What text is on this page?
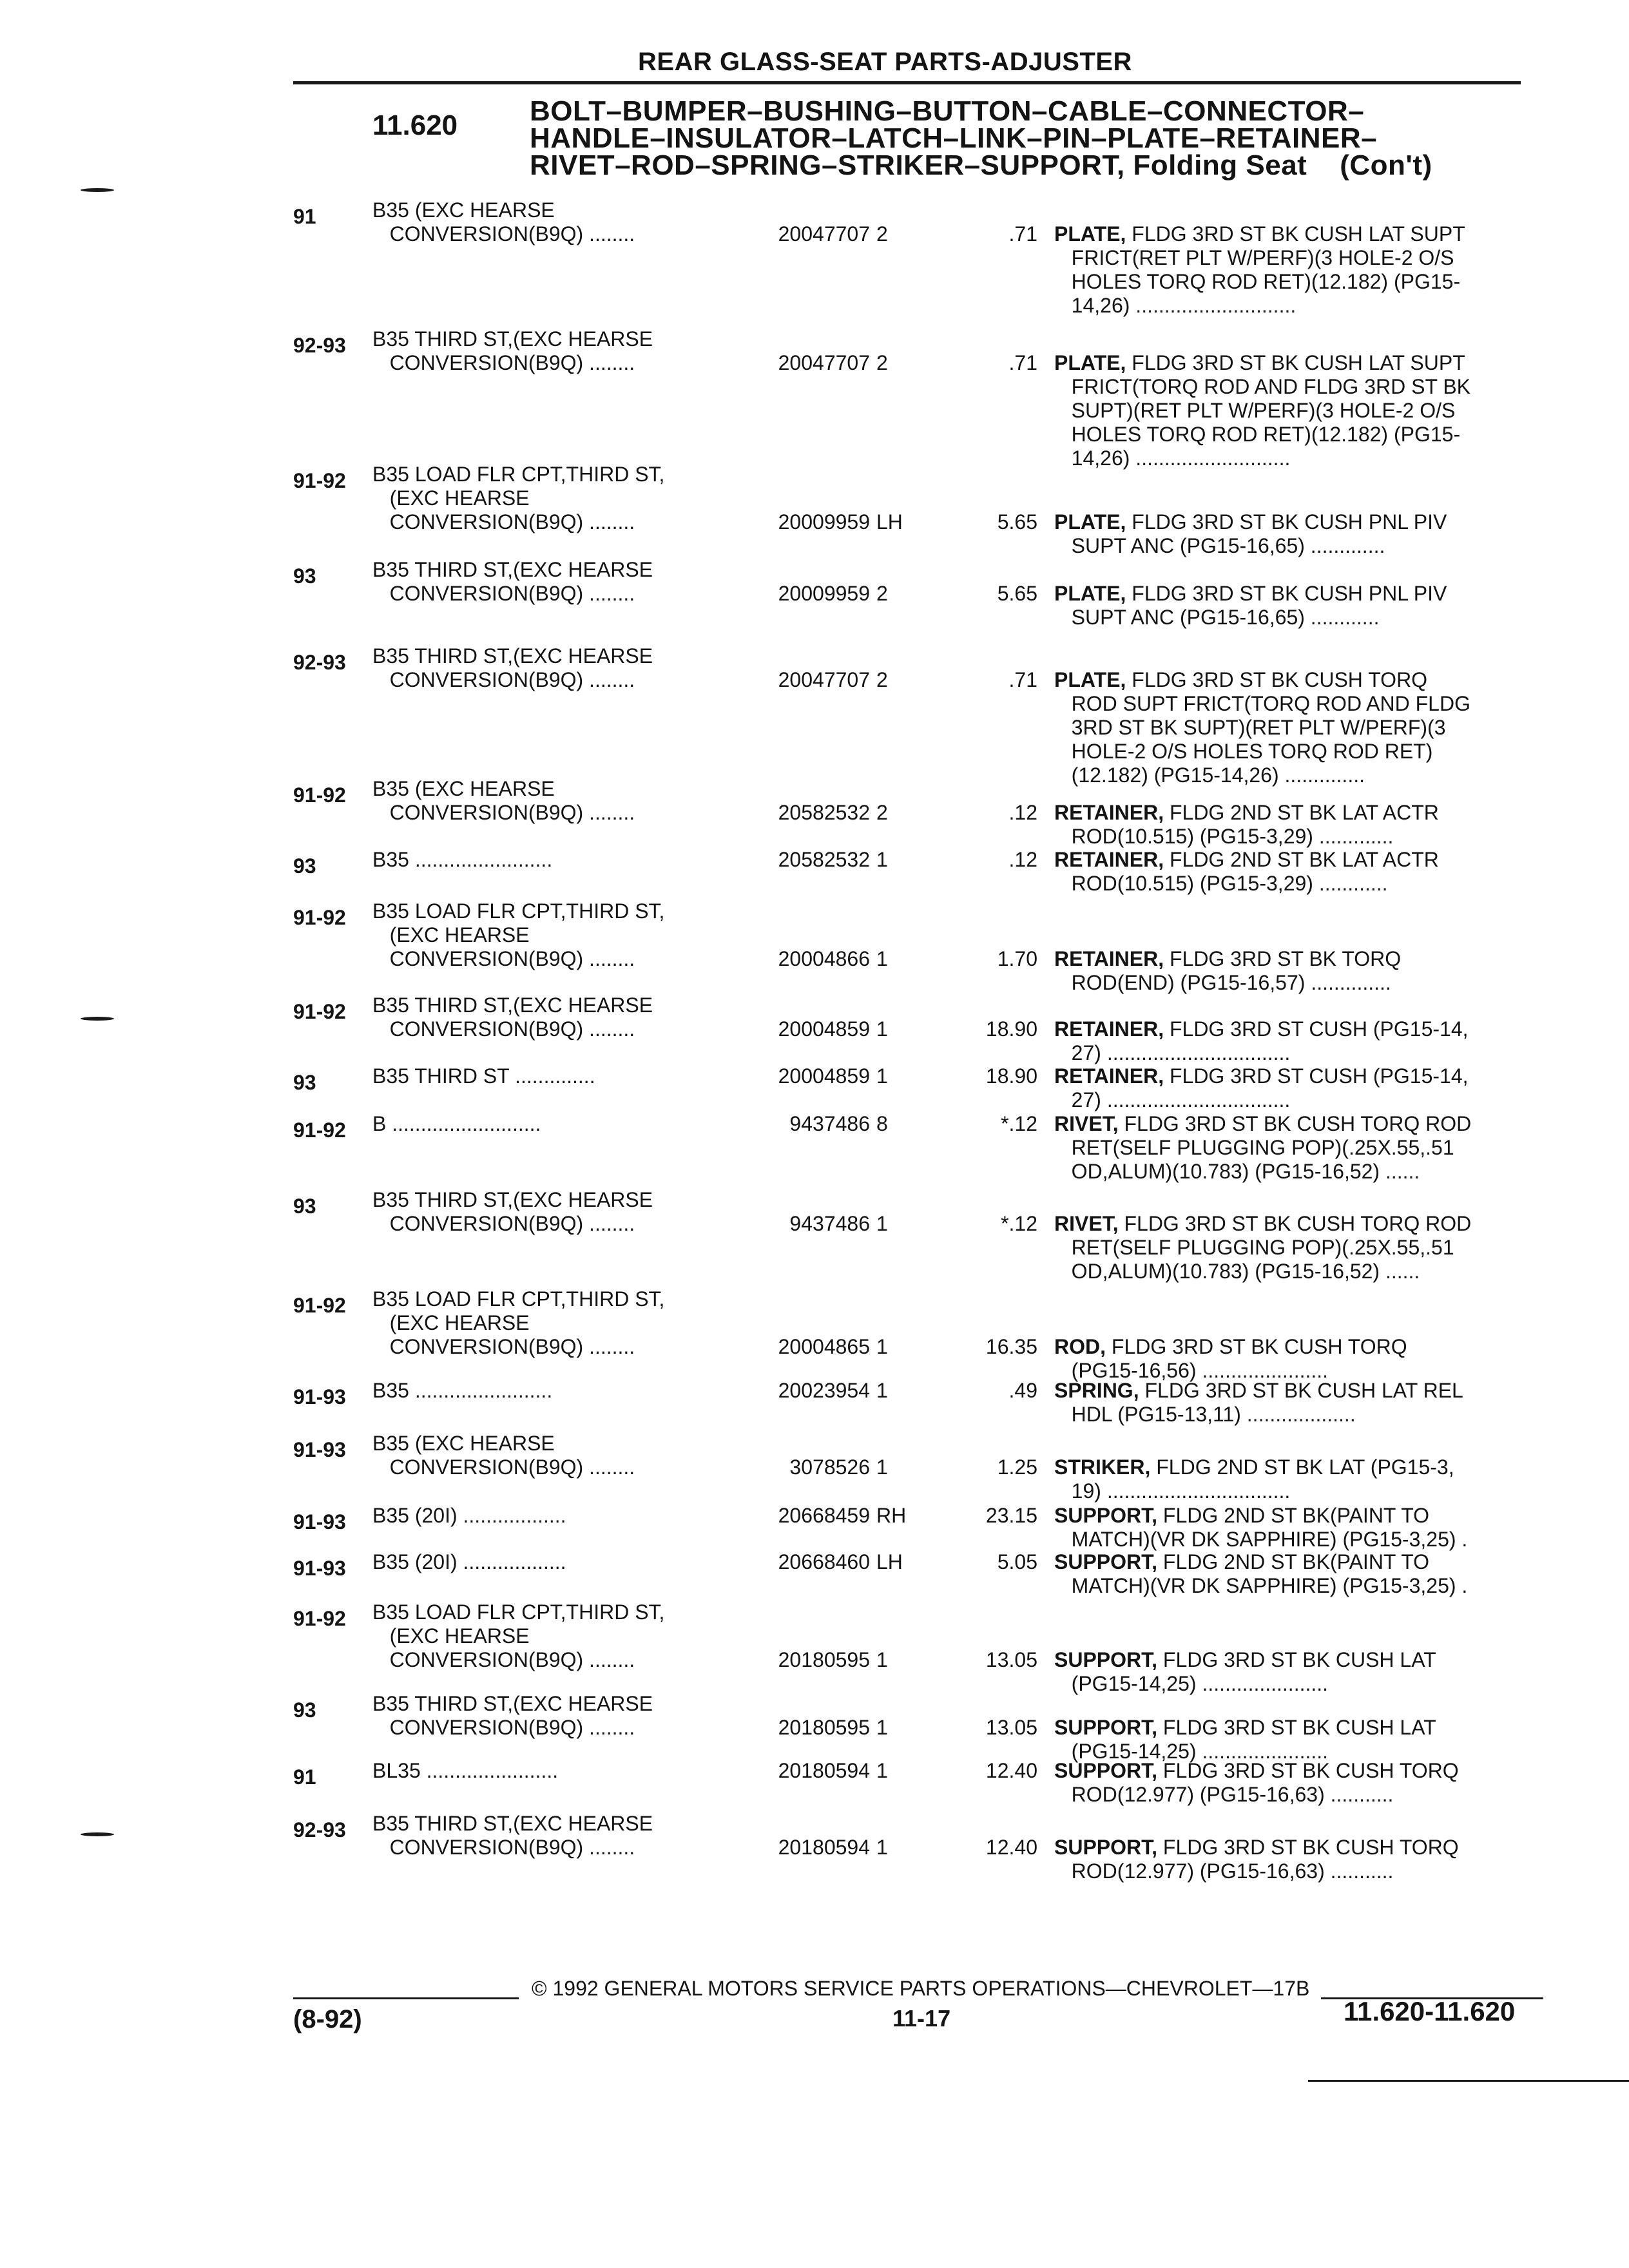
REAR GLASS-SEAT PARTS-ADJUSTER
11.620	BOLT–BUMPER–BUSHING–BUTTON–CABLE–CONNECTOR–
HANDLE–INSULATOR–LATCH–LINK–PIN–PLATE–RETAINER–
RIVET–ROD–SPRING–STRIKER–SUPPORT, Folding Seat    (Con't)
91	B35 (EXC HEARSE
CONVERSION(B9Q) ........	20047707 2	.71 PLATE, FLDG 3RD ST BK CUSH LAT SUPT
FRICT(RET PLT W/PERF)(3 HOLE-2 O/S
HOLES TORQ ROD RET)(12.182) (PG15-
14,26) ............................
92-93 B35 THIRD ST,(EXC HEARSE
CONVERSION(B9Q) ........	20047707 2	.71 PLATE, FLDG 3RD ST BK CUSH LAT SUPT
FRICT(TORQ ROD AND FLDG 3RD ST BK
SUPT)(RET PLT W/PERF)(3 HOLE-2 O/S
HOLES TORQ ROD RET)(12.182) (PG15-
14,26) ...........................
91-92 B35 LOAD FLR CPT,THIRD ST,
(EXC HEARSE
CONVERSION(B9Q) ........	20009959 LH	5.65 PLATE, FLDG 3RD ST BK CUSH PNL PIV
SUPT ANC (PG15-16,65) .............
93	B35 THIRD ST,(EXC HEARSE
CONVERSION(B9Q) ........	20009959 2	5.65 PLATE, FLDG 3RD ST BK CUSH PNL PIV
SUPT ANC (PG15-16,65) ............
92-93 B35 THIRD ST,(EXC HEARSE
CONVERSION(B9Q) ........	20047707 2	.71 PLATE, FLDG 3RD ST BK CUSH TORQ
ROD SUPT FRICT(TORQ ROD AND FLDG
3RD ST BK SUPT)(RET PLT W/PERF)(3
HOLE-2 O/S HOLES TORQ ROD RET)
(12.182) (PG15-14,26) ..............
91-92 B35 (EXC HEARSE
CONVERSION(B9Q) ........	20582532 2	.12 RETAINER, FLDG 2ND ST BK LAT ACTR
ROD(10.515) (PG15-3,29) .............
93	B35 ........................	20582532 1	.12 RETAINER, FLDG 2ND ST BK LAT ACTR
ROD(10.515) (PG15-3,29) ............
91-92 B35 LOAD FLR CPT,THIRD ST,
(EXC HEARSE
CONVERSION(B9Q) ........	20004866 1	1.70 RETAINER, FLDG 3RD ST BK TORQ
ROD(END) (PG15-16,57) ..............
91-92 B35 THIRD ST,(EXC HEARSE
CONVERSION(B9Q) ........	20004859 1	18.90 RETAINER, FLDG 3RD ST CUSH (PG15-14,
27) ................................
93	B35 THIRD ST ..............	20004859 1	18.90 RETAINER, FLDG 3RD ST CUSH (PG15-14,
27) ................................
91-92 B ..........................	9437486 8	*.12 RIVET, FLDG 3RD ST BK CUSH TORQ ROD
RET(SELF PLUGGING POP)(.25X.55,.51
OD,ALUM)(10.783) (PG15-16,52) ......
93	B35 THIRD ST,(EXC HEARSE
CONVERSION(B9Q) ........	9437486 1	*.12 RIVET, FLDG 3RD ST BK CUSH TORQ ROD
RET(SELF PLUGGING POP)(.25X.55,.51
OD,ALUM)(10.783) (PG15-16,52) ......
91-92 B35 LOAD FLR CPT,THIRD ST,
(EXC HEARSE
CONVERSION(B9Q) ........	20004865 1	16.35 ROD, FLDG 3RD ST BK CUSH TORQ
(PG15-16,56) ......................
91-93 B35 ........................	20023954 1	.49 SPRING, FLDG 3RD ST BK CUSH LAT REL
HDL (PG15-13,11) ...................
91-93 B35 (EXC HEARSE
CONVERSION(B9Q) ........	3078526 1	1.25 STRIKER, FLDG 2ND ST BK LAT (PG15-3,
19) ................................
91-93 B35 (20I) ..................	20668459 RH	23.15 SUPPORT, FLDG 2ND ST BK(PAINT TO
MATCH)(VR DK SAPPHIRE) (PG15-3,25) .
91-93 B35 (20I) ..................	20668460 LH	5.05 SUPPORT, FLDG 2ND ST BK(PAINT TO
MATCH)(VR DK SAPPHIRE) (PG15-3,25) .
91-92 B35 LOAD FLR CPT,THIRD ST,
(EXC HEARSE
CONVERSION(B9Q) ........	20180595 1	13.05 SUPPORT, FLDG 3RD ST BK CUSH LAT
(PG15-14,25) ......................
93	B35 THIRD ST,(EXC HEARSE
CONVERSION(B9Q) ........	20180595 1	13.05 SUPPORT, FLDG 3RD ST BK CUSH LAT
(PG15-14,25) ......................
91	BL35 .......................	20180594 1	12.40 SUPPORT, FLDG 3RD ST BK CUSH TORQ
ROD(12.977) (PG15-16,63) ...........
92-93 B35 THIRD ST,(EXC HEARSE
CONVERSION(B9Q) ........	20180594 1	12.40 SUPPORT, FLDG 3RD ST BK CUSH TORQ
ROD(12.977) (PG15-16,63) ...........
© 1992 GENERAL MOTORS SERVICE PARTS OPERATIONS—CHEVROLET—17B
(8-92)	11-17	11.620-11.620
